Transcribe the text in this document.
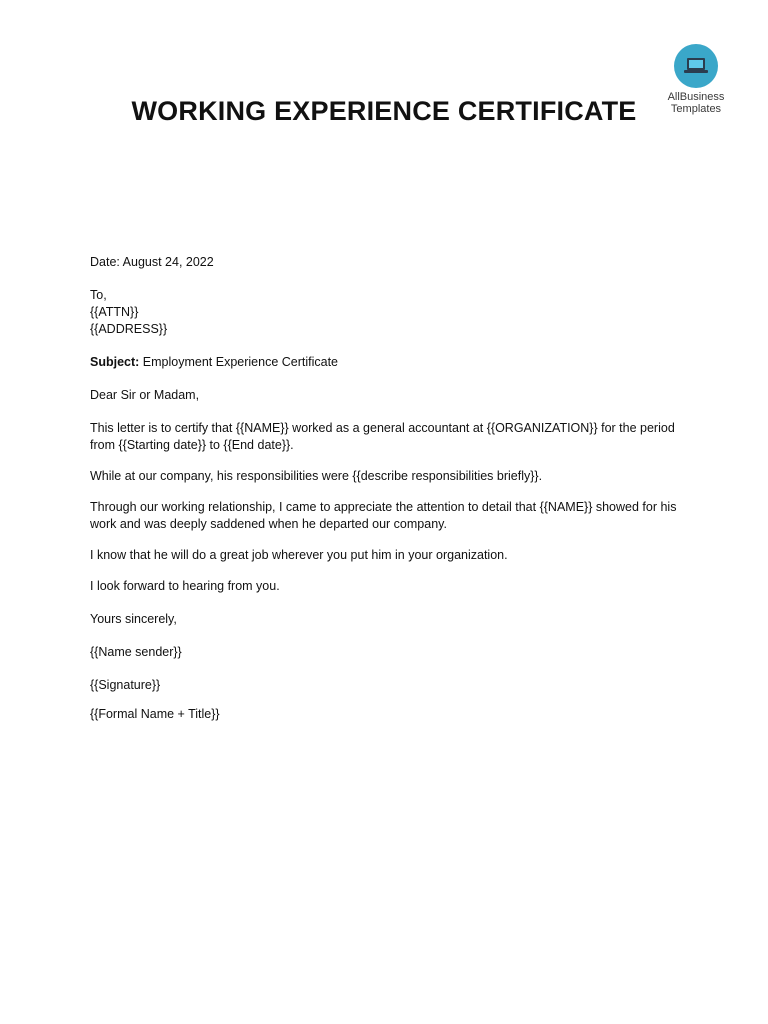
AllBusiness
Templates
WORKING EXPERIENCE CERTIFICATE

Date: August 24, 2022

To,

{{ATTN}}

{{ADDRESS}}

Subject: Employment Experience Certificate

Dear Sir or Madam,

This letter is to certify that {{NAME}} worked as a general accountant at {{ORGANIZATION}} for the period from {{Starting date}} to {{End date}}.

While at our company, his responsibilities were {{describe responsibilities briefly}}.

Through our working relationship, I came to appreciate the attention to detail that {{NAME}} showed for his work and was deeply saddened when he departed our company.

I know that he will do a great job wherever you put him in your organization.

I look forward to hearing from you.

Yours sincerely,

{{Name sender}}

{{Signature}}

{{Formal Name + Title}}
